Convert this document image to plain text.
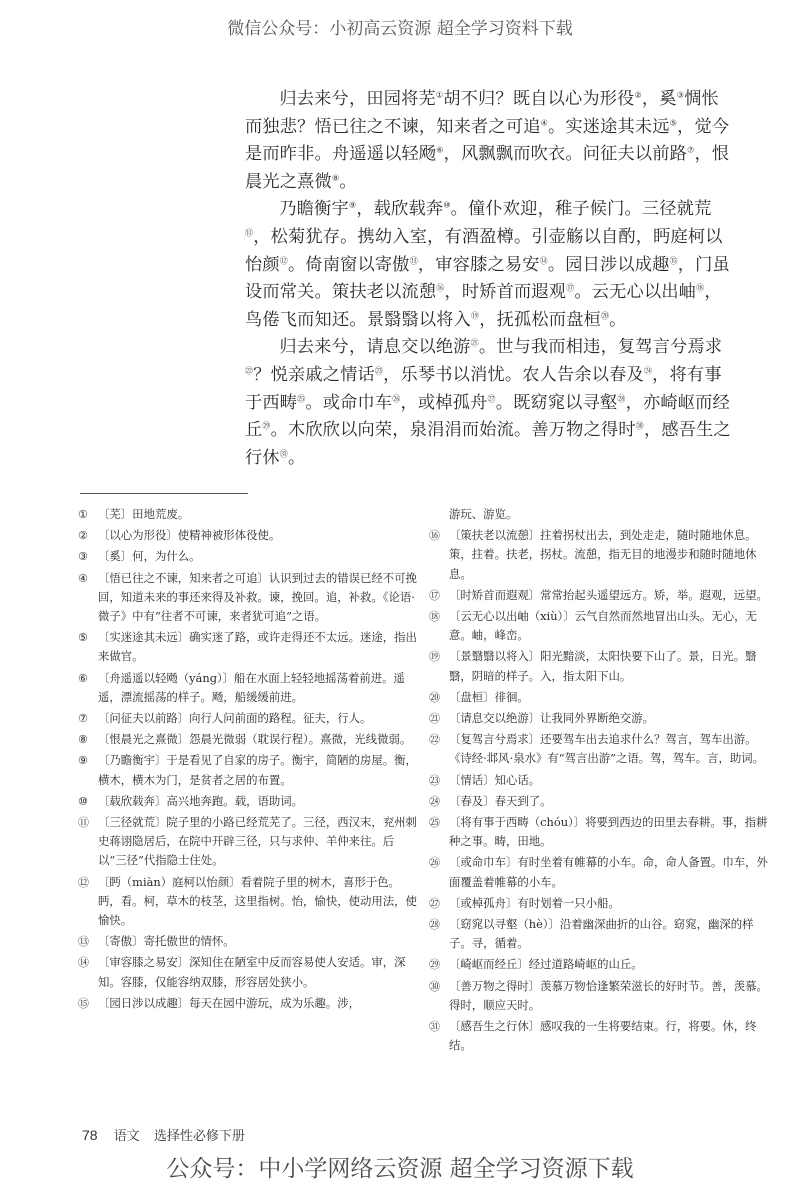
微信公众号：小初高云资源 超全学习资料下载

归去来兮，田园将芜①胡不归？既自以心为形役②，奚③惆怅而独悲？悟已往之不谏，知来者之可追④。实迷途其未远⑤，觉今是而昨非。舟遥遥以轻飏⑥，风飘飘而吹衣。问征夫以前路⑦，恨晨光之熹微⑧。

乃瞻衡宇⑨，载欣载奔⑩。僮仆欢迎，稚子候门。三径就荒⑪，松菊犹存。携幼入室，有酒盈樽。引壶觞以自酌，眄庭柯以怡颜⑫。倚南窗以寄傲⑬，审容膝之易安⑭。园日涉以成趣⑮，门虽设而常关。策扶老以流憩⑯，时矫首而遐观⑰。云无心以出岫⑱，鸟倦飞而知还。景翳翳以将入⑲，抚孤松而盘桓⑳。

归去来兮，请息交以绝游$^㉑$。世与我而相违，复驾言兮焉求$^㉒$？悦亲戚之情话$^㉓$，乐琴书以消忧。农人告余以春及$^㉔$，将有事于西畴$^㉕$。或命巾车$^㉖$，或棹孤舟$^㉗$。既窈窕以寻壑$^㉘$，亦崎岖而经丘$^㉙$。木欣欣以向荣，泉涓涓而始流。善万物之得时$^㉚$，感吾生之行休$^㉛$。

① 〔芜〕田地荒废。
② 〔以心为形役〕使精神被形体役使。
③ 〔奚〕何，为什么。
④ 〔悟已往之不谏，知来者之可追〕认识到过去的错误已经不可挽回，知道未来的事还来得及补救。谏，挽回。追，补救。《论语·微子》中有“往者不可谏，来者犹可追”之语。
⑤ 〔实迷途其未远〕确实迷了路，或许走得还不太远。迷途，指出来做官。
⑥ 〔舟遥遥以轻飏（yáng）〕船在水面上轻轻地摇荡着前进。遥遥，漂流摇荡的样子。飏，船缓缓前进。
⑦ 〔问征夫以前路〕向行人问前面的路程。征夫，行人。
⑧ 〔恨晨光之熹微〕怨晨光微弱（耽误行程）。熹微，光线微弱。
⑨ 〔乃瞻衡宇〕于是看见了自家的房子。衡宇，简陋的房屋。衡，横木，横木为门，是贫者之居的布置。
⑩ 〔载欣载奔〕高兴地奔跑。载，语助词。
⑪ 〔三径就荒〕院子里的小路已经荒芜了。三径，西汉末，兖州刺史蒋诩隐居后，在院中开辟三径，只与求仲、羊仲来往。后以“三径”代指隐士住处。
⑫ 〔眄（miàn）庭柯以怡颜〕看着院子里的树木，喜形于色。眄，看。柯，草木的枝茎，这里指树。怡，愉快，使动用法，使愉快。
⑬ 〔寄傲〕寄托傲世的情怀。
⑭ 〔审容膝之易安〕深知住在陋室中反而容易使人安适。审，深知。容膝，仅能容纳双膝，形容居处狭小。
⑮ 〔园日涉以成趣〕每天在园中游玩，成为乐趣。涉，
游玩、游览。
⑯ 〔策扶老以流憩〕拄着拐杖出去，到处走走，随时随地休息。策，拄着。扶老，拐杖。流憩，指无目的地漫步和随时随地休息。
⑰ 〔时矫首而遐观〕常常抬起头遥望远方。矫，举。遐观，远望。
⑱ 〔云无心以出岫（xiù）〕云气自然而然地冒出山头。无心，无意。岫，峰峦。
⑲ 〔景翳翳以将入〕阳光黯淡，太阳快要下山了。景，日光。翳翳，阴暗的样子。入，指太阳下山。
⑳ 〔盘桓〕徘徊。
㉑ 〔请息交以绝游〕让我同外界断绝交游。
㉒ 〔复驾言兮焉求〕还要驾车出去追求什么？驾言，驾车出游。《诗经·邶风·泉水》有“驾言出游”之语。驾，驾车。言，助词。
㉓ 〔情话〕知心话。
㉔ 〔春及〕春天到了。
㉕ 〔将有事于西畴（chóu）〕将要到西边的田里去春耕。事，指耕种之事。畴，田地。
㉖ 〔或命巾车〕有时坐着有帷幕的小车。命，命人备置。巾车，外面覆盖着帷幕的小车。
㉗ 〔或棹孤舟〕有时划着一只小船。
㉘ 〔窈窕以寻壑（hè）〕沿着幽深曲折的山谷。窈窕，幽深的样子。寻，循着。
㉙ 〔崎岖而经丘〕经过道路崎岖的山丘。
㉚ 〔善万物之得时〕羡慕万物恰逢繁荣滋长的好时节。善，羡慕。得时，顺应天时。
㉛ 〔感吾生之行休〕感叹我的一生将要结束。行，将要。休，终结。
78 语文 选择性必修下册
公众号：中小学网络云资源 超全学习资源下载
